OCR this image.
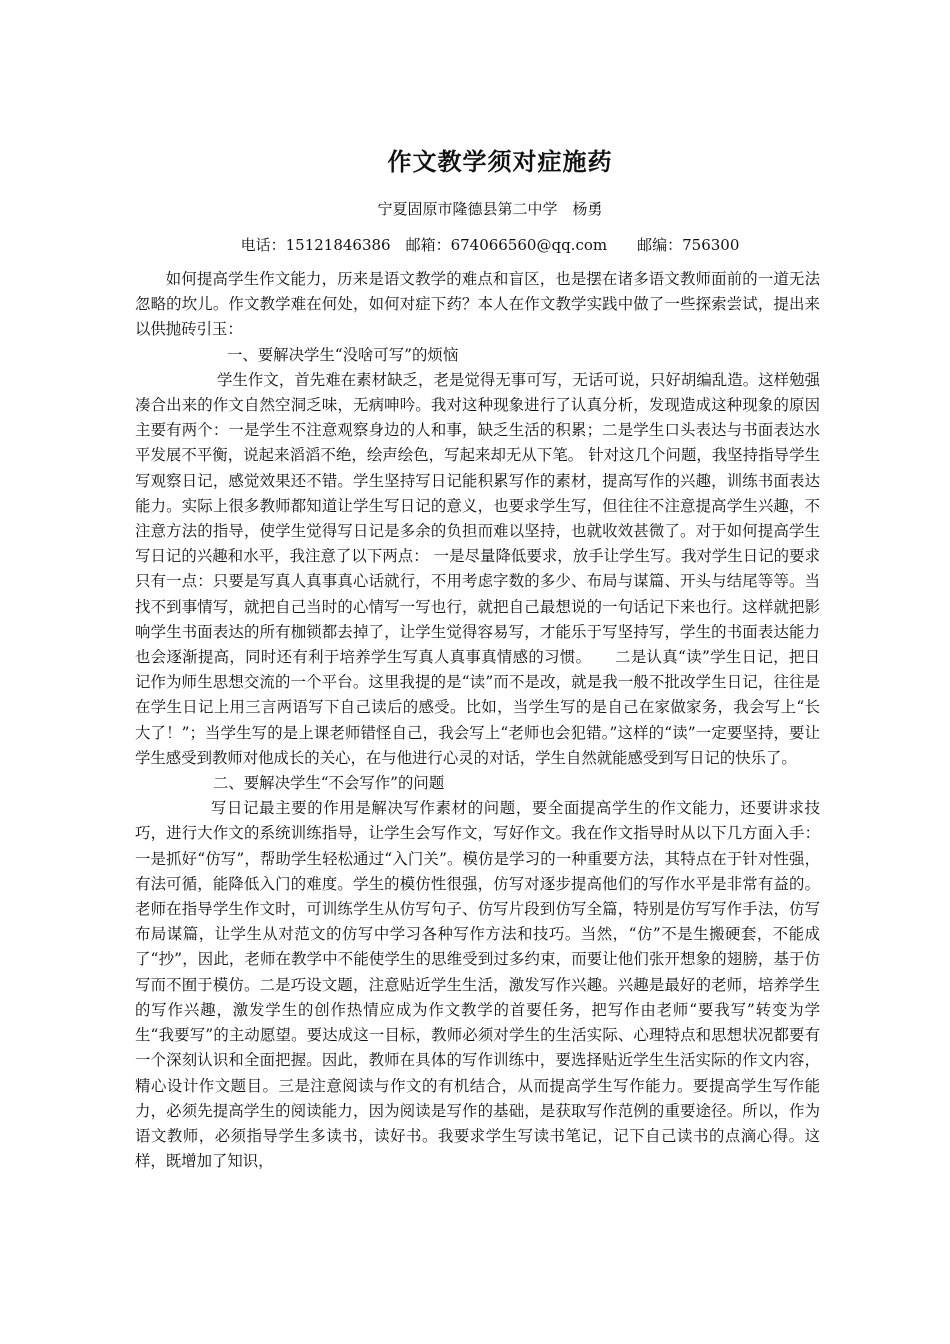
作文教学须对症施药
宁夏固原市隆德县第二中学　杨勇
电话：15121846386　邮箱：674066560@qq.com　　邮编：756300

如何提高学生作文能力，历来是语文教学的难点和盲区，也是摆在诸多语文教师面前的一道无法忽略的坎儿。作文教学难在何处，如何对症下药？本人在作文教学实践中做了一些探索尝试，提出来以供抛砖引玉：

一、要解决学生“没啥可写”的烦恼

学生作文，首先难在素材缺乏，老是觉得无事可写，无话可说，只好胡编乱造。这样勉强凑合出来的作文自然空洞乏味，无病呻吟。我对这种现象进行了认真分析，发现造成这种现象的原因主要有两个：一是学生不注意观察身边的人和事，缺乏生活的积累；二是学生口头表达与书面表达水平发展不平衡，说起来滔滔不绝，绘声绘色，写起来却无从下笔。 针对这几个问题，我坚持指导学生写观察日记，感觉效果还不错。学生坚持写日记能积累写作的素材，提高写作的兴趣，训练书面表达能力。实际上很多教师都知道让学生写日记的意义，也要求学生写，但往往不注意提高学生兴趣，不注意方法的指导，使学生觉得写日记是多余的负担而难以坚持，也就收效甚微了。对于如何提高学生写日记的兴趣和水平，我注意了以下两点： 一是尽量降低要求，放手让学生写。我对学生日记的要求只有一点：只要是写真人真事真心话就行，不用考虑字数的多少、布局与谋篇、开头与结尾等等。当找不到事情写，就把自己当时的心情写一写也行，就把自己最想说的一句话记下来也行。这样就把影响学生书面表达的所有枷锁都去掉了，让学生觉得容易写，才能乐于写坚持写，学生的书面表达能力也会逐渐提高，同时还有利于培养学生写真人真事真情感的习惯。　　二是认真“读”学生日记，把日记作为师生思想交流的一个平台。这里我提的是“读”而不是改，就是我一般不批改学生日记，往往是在学生日记上用三言两语写下自己读后的感受。比如，当学生写的是自己在家做家务，我会写上“长大了！”；当学生写的是上课老师错怪自己，我会写上“老师也会犯错。”这样的“读”一定要坚持，要让学生感受到教师对他成长的关心，在与他进行心灵的对话，学生自然就能感受到写日记的快乐了。

二、要解决学生“不会写作”的问题

写日记最主要的作用是解决写作素材的问题，要全面提高学生的作文能力，还要讲求技巧，进行大作文的系统训练指导，让学生会写作文，写好作文。我在作文指导时从以下几方面入手：一是抓好“仿写”，帮助学生轻松通过“入门关”。模仿是学习的一种重要方法，其特点在于针对性强，有法可循，能降低入门的难度。学生的模仿性很强，仿写对逐步提高他们的写作水平是非常有益的。老师在指导学生作文时，可训练学生从仿写句子、仿写片段到仿写全篇，特别是仿写写作手法，仿写布局谋篇，让学生从对范文的仿写中学习各种写作方法和技巧。当然，“仿”不是生搬硬套，不能成了“抄”，因此，老师在教学中不能使学生的思维受到过多约束，而要让他们张开想象的翅膀，基于仿写而不囿于模仿。二是巧设文题，注意贴近学生生活，激发写作兴趣。兴趣是最好的老师，培养学生的写作兴趣，激发学生的创作热情应成为作文教学的首要任务，把写作由老师“要我写”转变为学生“我要写”的主动愿望。要达成这一目标，教师必须对学生的生活实际、心理特点和思想状况都要有一个深刻认识和全面把握。因此，教师在具体的写作训练中，要选择贴近学生生活实际的作文内容，精心设计作文题目。三是注意阅读与作文的有机结合，从而提高学生写作能力。要提高学生写作能力，必须先提高学生的阅读能力，因为阅读是写作的基础，是获取写作范例的重要途径。所以，作为语文教师，必须指导学生多读书，读好书。我要求学生写读书笔记，记下自己读书的点滴心得。这样，既增加了知识，
